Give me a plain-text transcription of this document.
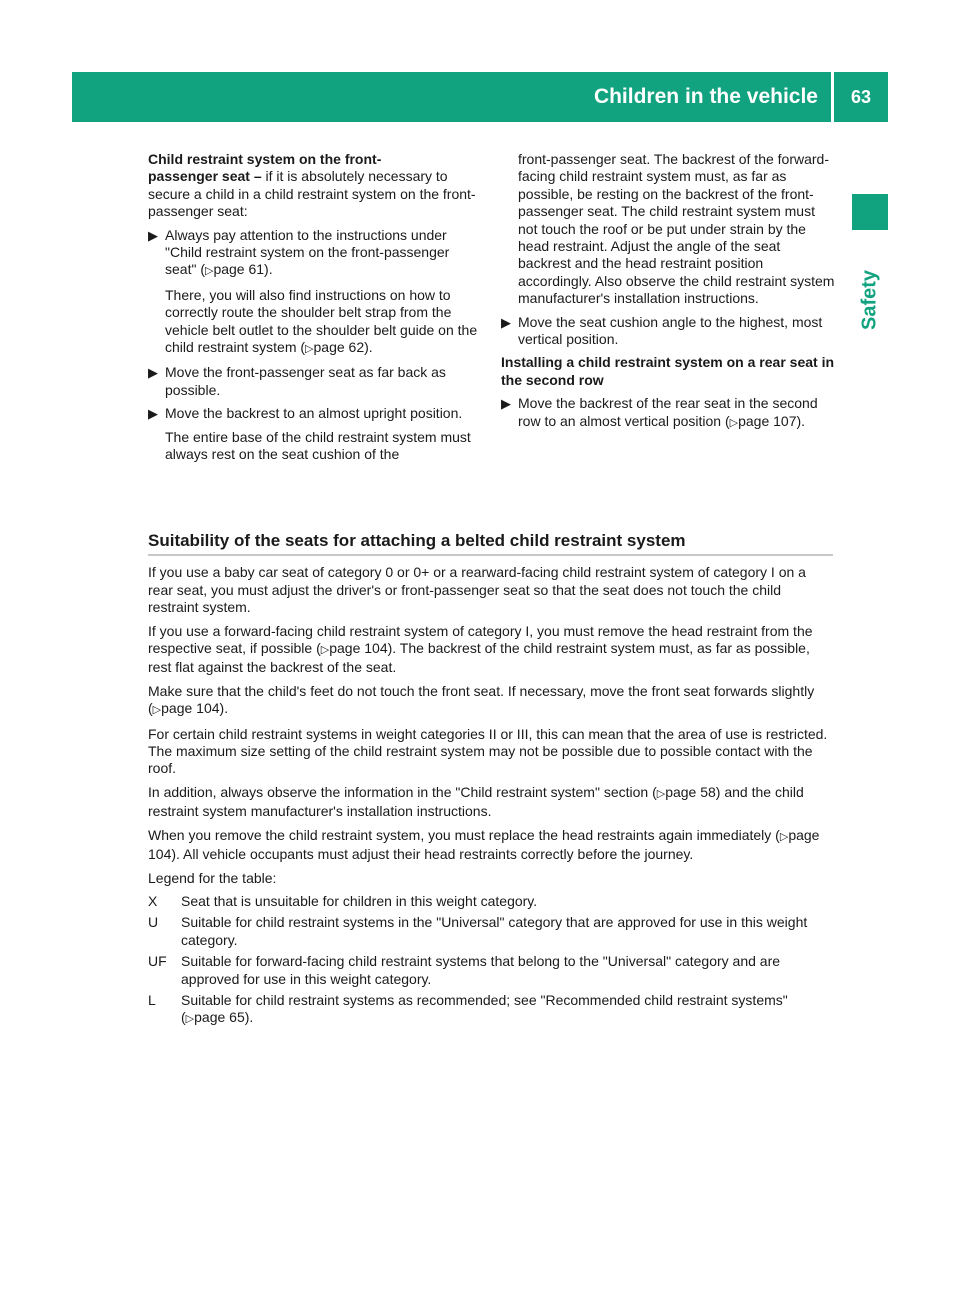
Children in the vehicle	63
Safety

Child restraint system on the front-
passenger seat – if it is absolutely necessary to secure a child in a child restraint system on the front-passenger seat:

▶ Always pay attention to the instructions under "Child restraint system on the front-passenger seat" (▷page 61).

There, you will also find instructions on how to correctly route the shoulder belt strap from the vehicle belt outlet to the shoulder belt guide on the child restraint system (▷page 62).

▶ Move the front-passenger seat as far back as possible.
▶ Move the backrest to an almost upright position.

The entire base of the child restraint system must always rest on the seat cushion of the

front-passenger seat. The backrest of the forward-facing child restraint system must, as far as possible, be resting on the backrest of the front-passenger seat. The child restraint system must not touch the roof or be put under strain by the head restraint. Adjust the angle of the seat backrest and the head restraint position accordingly. Also observe the child restraint system manufacturer's installation instructions.

▶ Move the seat cushion angle to the highest, most vertical position.

Installing a child restraint system on a rear seat in the second row

▶ Move the backrest of the rear seat in the second row to an almost vertical position (▷page 107).
Suitability of the seats for attaching a belted child restraint system

If you use a baby car seat of category 0 or 0+ or a rearward-facing child restraint system of category I on a rear seat, you must adjust the driver's or front-passenger seat so that the seat does not touch the child restraint system.

If you use a forward-facing child restraint system of category I, you must remove the head restraint from the respective seat, if possible (▷page 104). The backrest of the child restraint system must, as far as possible, rest flat against the backrest of the seat.

Make sure that the child's feet do not touch the front seat. If necessary, move the front seat forwards slightly (▷page 104).

For certain child restraint systems in weight categories II or III, this can mean that the area of use is restricted. The maximum size setting of the child restraint system may not be possible due to possible contact with the roof.

In addition, always observe the information in the "Child restraint system" section (▷page 58) and the child restraint system manufacturer's installation instructions.

When you remove the child restraint system, you must replace the head restraints again immediately (▷page 104). All vehicle occupants must adjust their head restraints correctly before the journey.

Legend for the table:

X	Seat that is unsuitable for children in this weight category.
U	Suitable for child restraint systems in the "Universal" category that are approved for use in this weight category.
UF	Suitable for forward-facing child restraint systems that belong to the "Universal" category and are approved for use in this weight category.
L	Suitable for child restraint systems as recommended; see "Recommended child restraint systems" (▷page 65).
